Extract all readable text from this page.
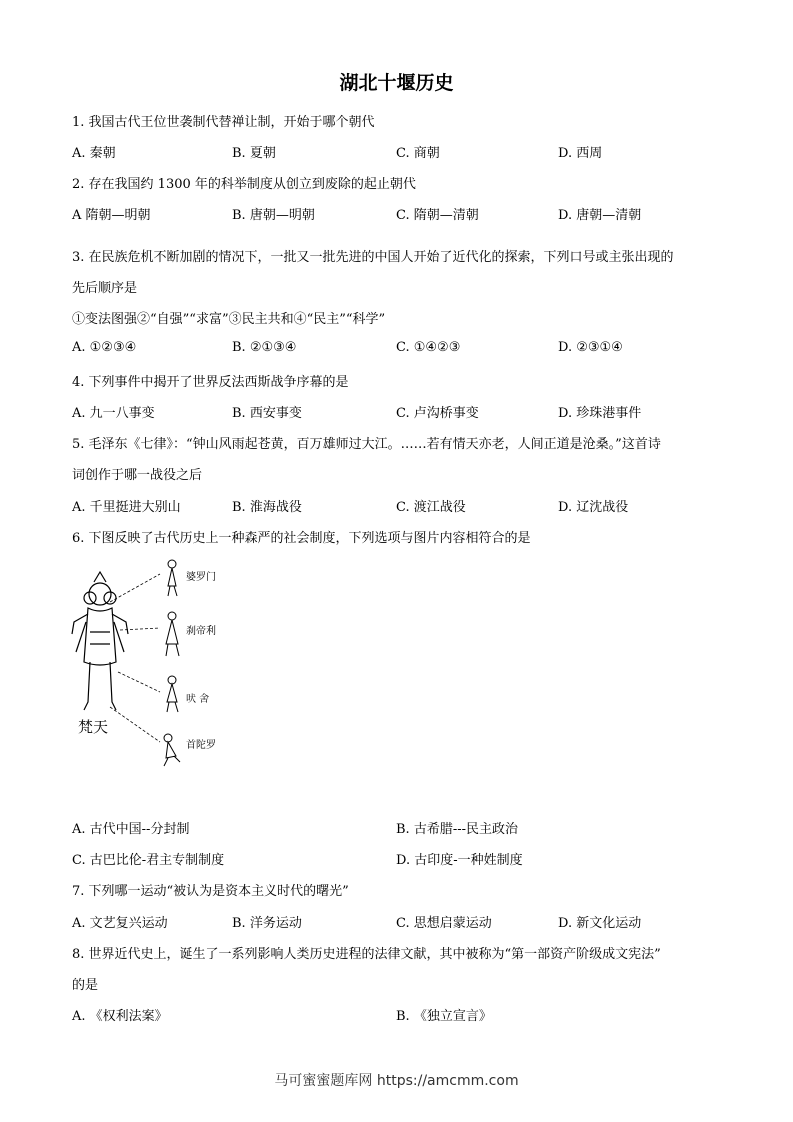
湖北十堰历史
1. 我国古代王位世袭制代替禅让制，开始于哪个朝代
A. 秦朝	B. 夏朝	C. 商朝	D. 西周
2. 存在我国约 1300 年的科举制度从创立到废除的起止朝代
A 隋朝—明朝	B. 唐朝—明朝	C. 隋朝—清朝	D. 唐朝—清朝
3. 在民族危机不断加剧的情况下，一批又一批先进的中国人开始了近代化的探索，下列口号或主张出现的
先后顺序是
①变法图强②“自强”“求富”③民主共和④“民主”“科学”
A. ①②③④	B. ②①③④	C. ①④②③	D. ②③①④
4. 下列事件中揭开了世界反法西斯战争序幕的是
A. 九一八事变	B. 西安事变	C. 卢沟桥事变	D. 珍珠港事件
5. 毛泽东《七律》：“钟山风雨起苍黄，百万雄师过大江。……若有情天亦老，人间正道是沧桑。”这首诗
词创作于哪一战役之后
A. 千里挺进大别山	B. 淮海战役	C. 渡江战役	D. 辽沈战役
6. 下图反映了古代历史上一种森严的社会制度，下列选项与图片内容相符合的是
婆罗门
刹帝利
吠 舍
首陀罗
梵天
A. 古代中国--分封制	B. 古希腊---民主政治
C. 古巴比伦-君主专制制度	D. 古印度-一种姓制度
7. 下列哪一运动“被认为是资本主义时代的曙光”
A. 文艺复兴运动	B. 洋务运动	C. 思想启蒙运动	D. 新文化运动
8. 世界近代史上，诞生了一系列影响人类历史进程的法律文献，其中被称为“第一部资产阶级成文宪法”
的是
A. 《权利法案》	B. 《独立宣言》
马可蜜蜜题库网 https://amcmm.com
